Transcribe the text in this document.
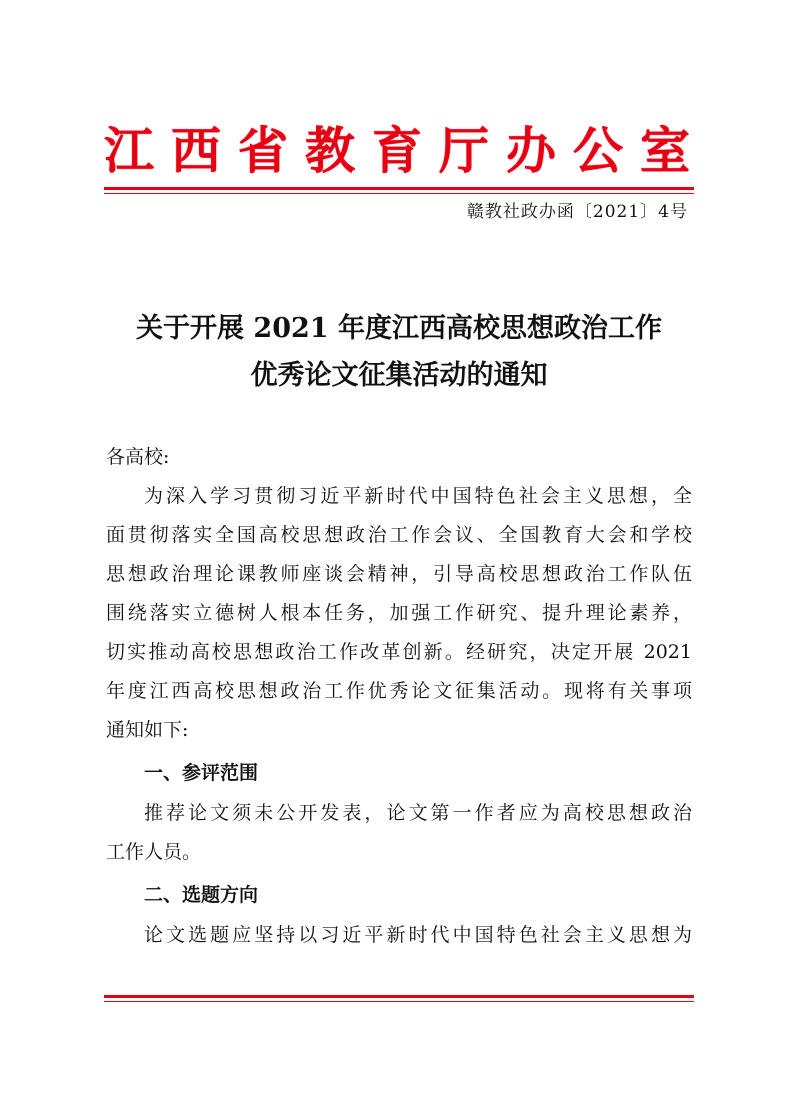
江西省教育厅办公室
赣教社政办函〔2021〕4号
关于开展 2021 年度江西高校思想政治工作
优秀论文征集活动的通知
各高校:
为深入学习贯彻习近平新时代中国特色社会主义思想，全
面贯彻落实全国高校思想政治工作会议、全国教育大会和学校
思想政治理论课教师座谈会精神，引导高校思想政治工作队伍
围绕落实立德树人根本任务，加强工作研究、提升理论素养，
切实推动高校思想政治工作改革创新。经研究，决定开展 2021
年度江西高校思想政治工作优秀论文征集活动。现将有关事项
通知如下:
一、参评范围
推荐论文须未公开发表，论文第一作者应为高校思想政治
工作人员。
二、选题方向
论文选题应坚持以习近平新时代中国特色社会主义思想为
